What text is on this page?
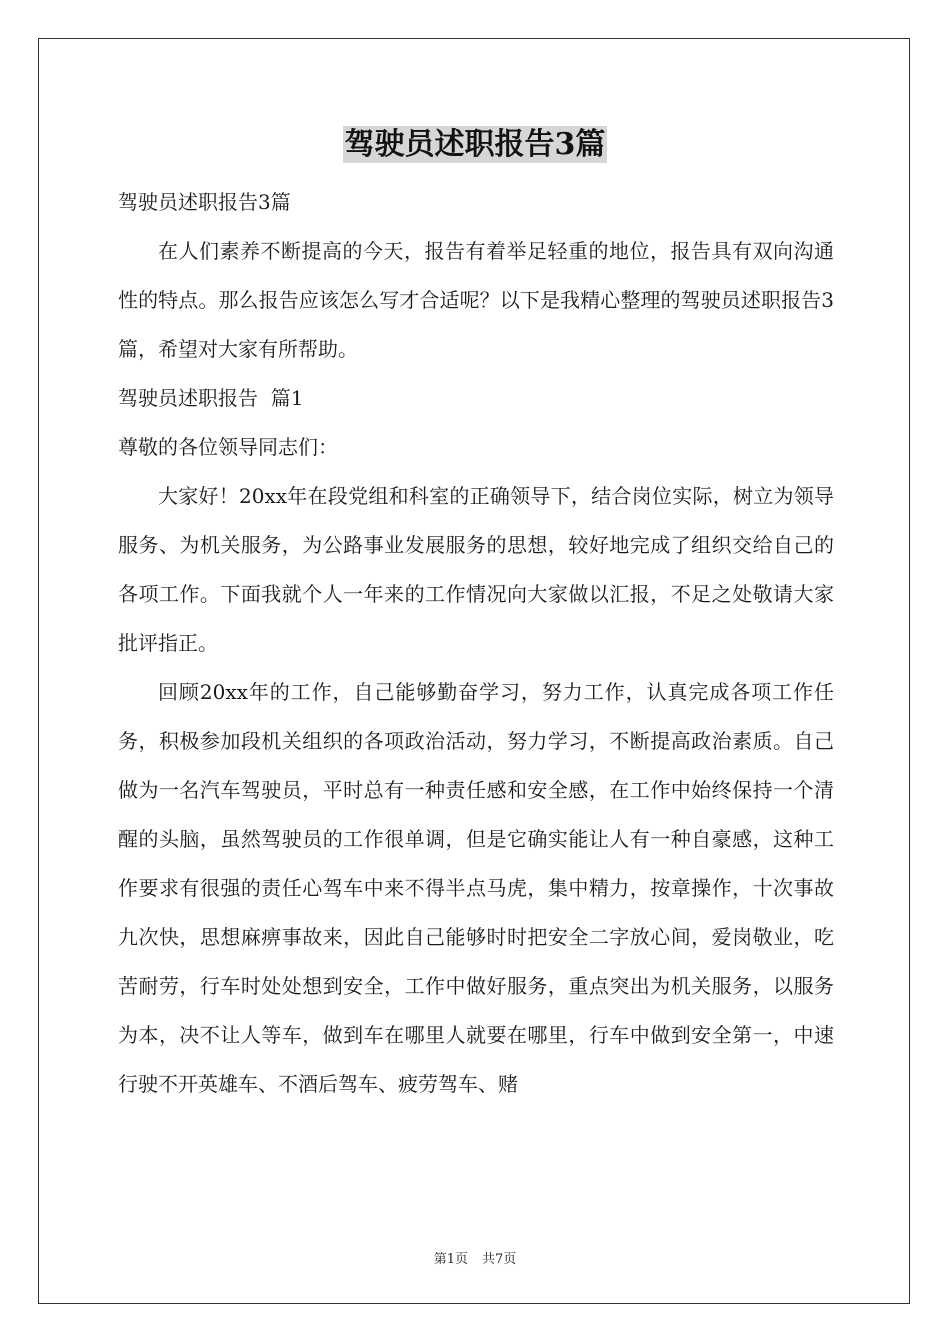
驾驶员述职报告3篇

驾驶员述职报告3篇

在人们素养不断提高的今天，报告有着举足轻重的地位，报告具有双向沟通性的特点。那么报告应该怎么写才合适呢？以下是我精心整理的驾驶员述职报告3篇，希望对大家有所帮助。

驾驶员述职报告  篇1

尊敬的各位领导同志们：

大家好！20xx年在段党组和科室的正确领导下，结合岗位实际，树立为领导服务、为机关服务，为公路事业发展服务的思想，较好地完成了组织交给自己的各项工作。下面我就个人一年来的工作情况向大家做以汇报，不足之处敬请大家批评指正。

回顾20xx年的工作，自己能够勤奋学习，努力工作，认真完成各项工作任务，积极参加段机关组织的各项政治活动，努力学习，不断提高政治素质。自己做为一名汽车驾驶员，平时总有一种责任感和安全感，在工作中始终保持一个清醒的头脑，虽然驾驶员的工作很单调，但是它确实能让人有一种自豪感，这种工作要求有很强的责任心驾车中来不得半点马虎，集中精力，按章操作，十次事故九次快，思想麻痹事故来，因此自己能够时时把安全二字放心间，爱岗敬业，吃苦耐劳，行车时处处想到安全，工作中做好服务，重点突出为机关服务，以服务为本，决不让人等车，做到车在哪里人就要在哪里，行车中做到安全第一，中速行驶不开英雄车、不酒后驾车、疲劳驾车、赌

第1页 共7页
